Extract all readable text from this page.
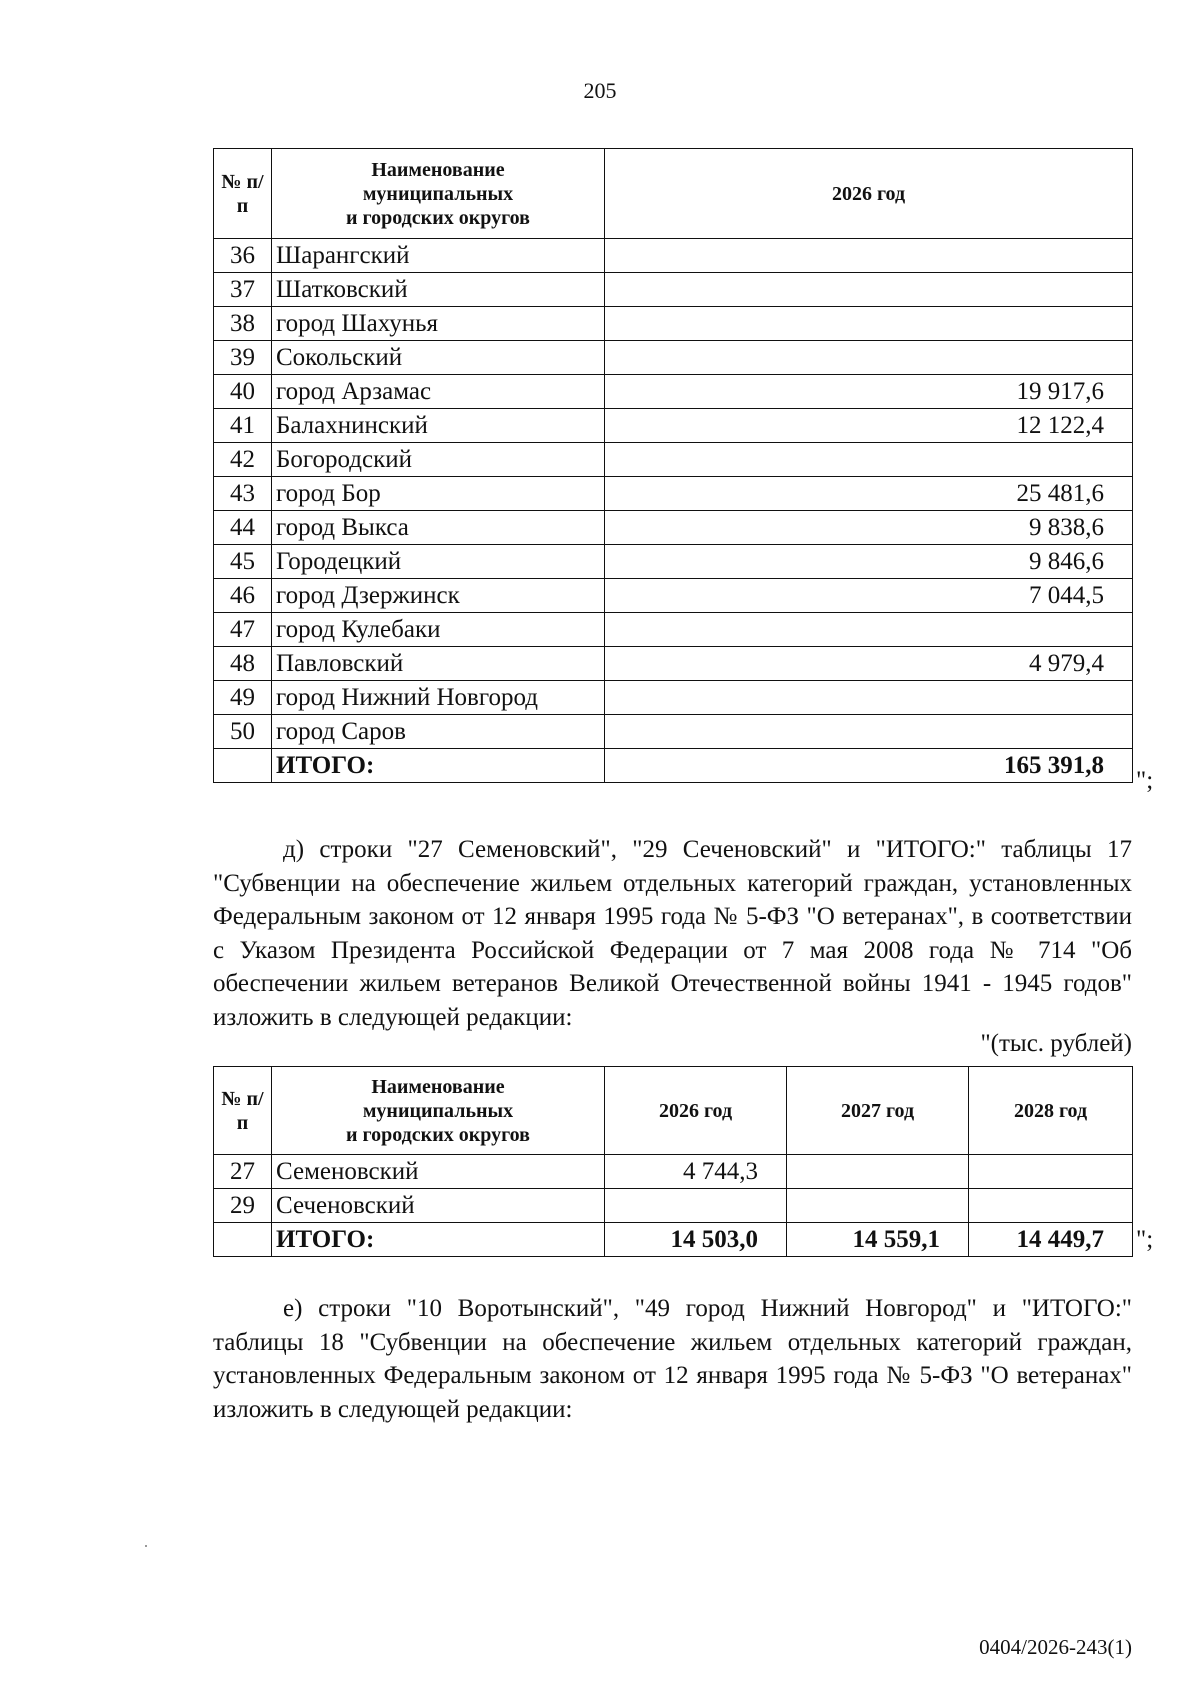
205
№ п/п	Наименование
муниципальных
и городских округов	2026 год
36	Шарангский	
37	Шатковский	
38	город Шахунья	
39	Сокольский	
40	город Арзамас	19 917,6
41	Балахнинский	12 122,4
42	Богородский	
43	город Бор	25 481,6
44	город Выкса	9 838,6
45	Городецкий	9 846,6
46	город Дзержинск	7 044,5
47	город Кулебаки	
48	Павловский	4 979,4
49	город Нижний Новгород	
50	город Саров	
	ИТОГО:	165 391,8
";

д) строки "27 Семеновский", "29 Сеченовский" и "ИТОГО:" таблицы 17 "Субвенции на обеспечение жильем отдельных категорий граждан, установленных Федеральным законом от 12 января 1995 года № 5-ФЗ "О ветеранах", в соответствии с Указом Президента Российской Федерации от 7 мая 2008 года № 714 "Об обеспечении жильем ветеранов Великой Отечественной войны 1941 - 1945 годов" изложить в следующей редакции:

"(тыс. рублей)
№ п/п	Наименование
муниципальных
и городских округов	2026 год	2027 год	2028 год
27	Семеновский	4 744,3		
29	Сеченовский			
	ИТОГО:	14 503,0	14 559,1	14 449,7 ";

е) строки "10 Воротынский", "49 город Нижний Новгород" и "ИТОГО:" таблицы 18 "Субвенции на обеспечение жильем отдельных категорий граждан, установленных Федеральным законом от 12 января 1995 года № 5-ФЗ "О ветеранах" изложить в следующей редакции:

0404/2026-243(1)
